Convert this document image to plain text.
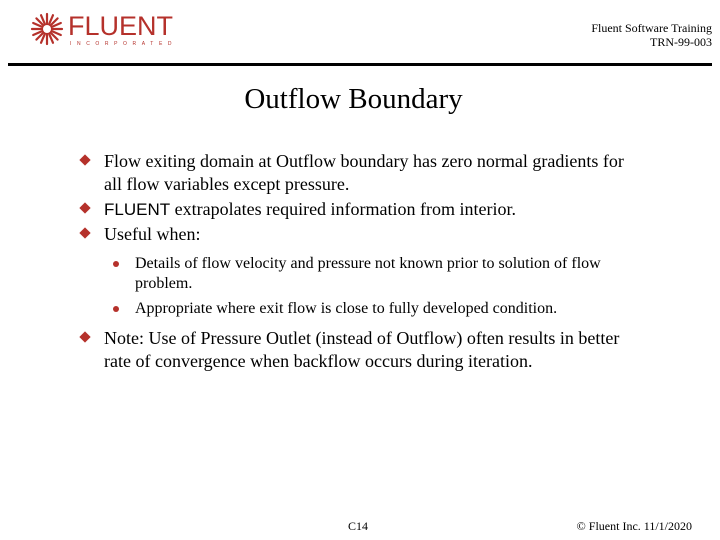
FLUENT
INCORPORATED
Fluent Software Training
TRN-99-003
Outflow Boundary
Flow exiting domain at Outflow boundary has zero normal gradients for all flow variables except pressure.
FLUENT extrapolates required information from interior.
Useful when:
Details of flow velocity and pressure not known prior to solution of flow problem.
Appropriate where exit flow is close to fully developed condition.
Note: Use of Pressure Outlet (instead of Outflow) often results in better rate of convergence when backflow occurs during iteration.
C14	© Fluent Inc. 11/1/2020
